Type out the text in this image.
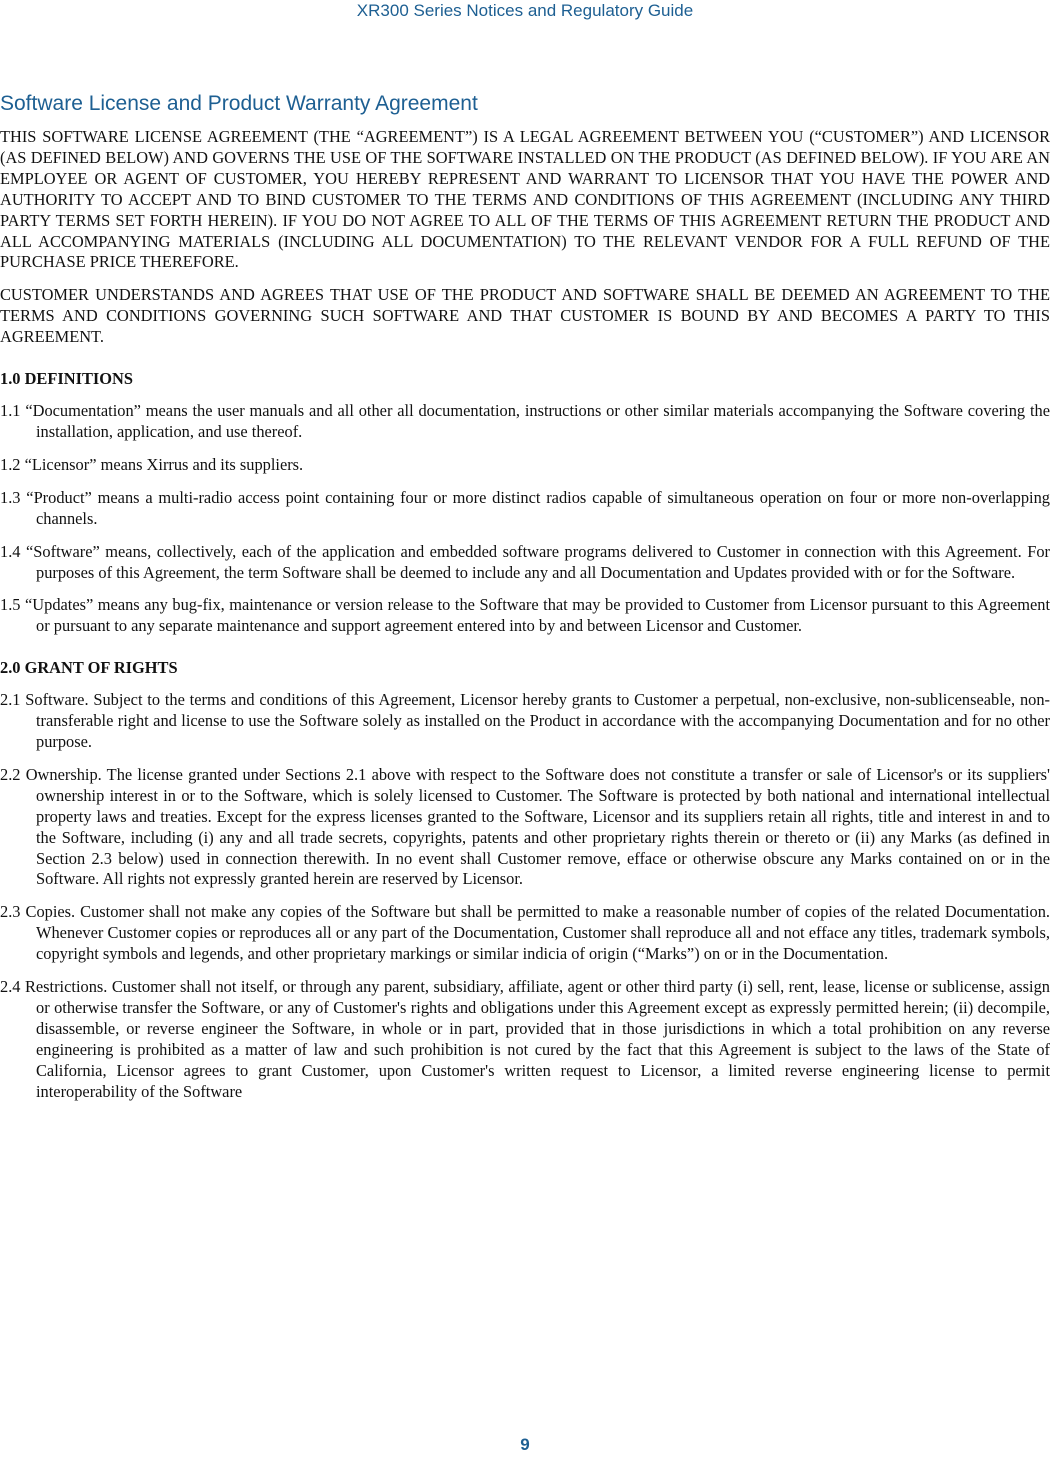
XR300 Series Notices and Regulatory Guide
Software License and Product Warranty Agreement

THIS SOFTWARE LICENSE AGREEMENT (THE “AGREEMENT”) IS A LEGAL AGREEMENT BETWEEN YOU (“CUSTOMER”) AND LICENSOR (AS DEFINED BELOW) AND GOVERNS THE USE OF THE SOFTWARE INSTALLED ON THE PRODUCT (AS DEFINED BELOW). IF YOU ARE AN EMPLOYEE OR AGENT OF CUSTOMER, YOU HEREBY REPRESENT AND WARRANT TO LICENSOR THAT YOU HAVE THE POWER AND AUTHORITY TO ACCEPT AND TO BIND CUSTOMER TO THE TERMS AND CONDITIONS OF THIS AGREEMENT (INCLUDING ANY THIRD PARTY TERMS SET FORTH HEREIN). IF YOU DO NOT AGREE TO ALL OF THE TERMS OF THIS AGREEMENT RETURN THE PRODUCT AND ALL ACCOMPANYING MATERIALS (INCLUDING ALL DOCUMENTATION) TO THE RELEVANT VENDOR FOR A FULL REFUND OF THE PURCHASE PRICE THEREFORE.

CUSTOMER UNDERSTANDS AND AGREES THAT USE OF THE PRODUCT AND SOFTWARE SHALL BE DEEMED AN AGREEMENT TO THE TERMS AND CONDITIONS GOVERNING SUCH SOFTWARE AND THAT CUSTOMER IS BOUND BY AND BECOMES A PARTY TO THIS AGREEMENT.

1.0 DEFINITIONS

1.1 “Documentation” means the user manuals and all other all documentation, instructions or other similar materials accompanying the Software covering the installation, application, and use thereof.

1.2 “Licensor” means Xirrus and its suppliers.

1.3 “Product” means a multi-radio access point containing four or more distinct radios capable of simultaneous operation on four or more non-overlapping channels.

1.4 “Software” means, collectively, each of the application and embedded software programs delivered to Customer in connection with this Agreement. For purposes of this Agreement, the term Software shall be deemed to include any and all Documentation and Updates provided with or for the Software.

1.5 “Updates” means any bug-fix, maintenance or version release to the Software that may be provided to Customer from Licensor pursuant to this Agreement or pursuant to any separate maintenance and support agreement entered into by and between Licensor and Customer.

2.0 GRANT OF RIGHTS

2.1 Software. Subject to the terms and conditions of this Agreement, Licensor hereby grants to Customer a perpetual, non-exclusive, non-sublicenseable, non-transferable right and license to use the Software solely as installed on the Product in accordance with the accompanying Documentation and for no other purpose.

2.2 Ownership. The license granted under Sections 2.1 above with respect to the Software does not constitute a transfer or sale of Licensor's or its suppliers' ownership interest in or to the Software, which is solely licensed to Customer. The Software is protected by both national and international intellectual property laws and treaties. Except for the express licenses granted to the Software, Licensor and its suppliers retain all rights, title and interest in and to the Software, including (i) any and all trade secrets, copyrights, patents and other proprietary rights therein or thereto or (ii) any Marks (as defined in Section 2.3 below) used in connection therewith. In no event shall Customer remove, efface or otherwise obscure any Marks contained on or in the Software. All rights not expressly granted herein are reserved by Licensor.

2.3 Copies. Customer shall not make any copies of the Software but shall be permitted to make a reasonable number of copies of the related Documentation. Whenever Customer copies or reproduces all or any part of the Documentation, Customer shall reproduce all and not efface any titles, trademark symbols, copyright symbols and legends, and other proprietary markings or similar indicia of origin (“Marks”) on or in the Documentation.

2.4 Restrictions. Customer shall not itself, or through any parent, subsidiary, affiliate, agent or other third party (i) sell, rent, lease, license or sublicense, assign or otherwise transfer the Software, or any of Customer's rights and obligations under this Agreement except as expressly permitted herein; (ii) decompile, disassemble, or reverse engineer the Software, in whole or in part, provided that in those jurisdictions in which a total prohibition on any reverse engineering is prohibited as a matter of law and such prohibition is not cured by the fact that this Agreement is subject to the laws of the State of California, Licensor agrees to grant Customer, upon Customer's written request to Licensor, a limited reverse engineering license to permit interoperability of the Software

9
